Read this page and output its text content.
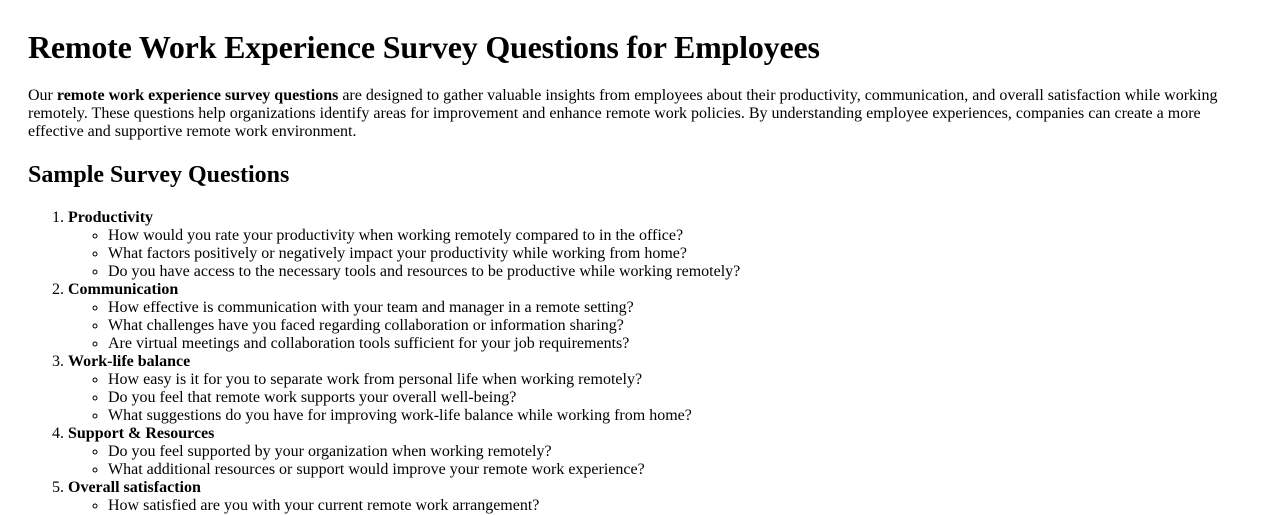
Remote Work Experience Survey Questions for Employees

Our remote work experience survey questions are designed to gather valuable insights from employees about their productivity, communication, and overall satisfaction while working remotely. These questions help organizations identify areas for improvement and enhance remote work policies. By understanding employee experiences, companies can create a more effective and supportive remote work environment.

Sample Survey Questions
1. Productivity
◦ How would you rate your productivity when working remotely compared to in the office?
◦ What factors positively or negatively impact your productivity while working from home?
◦ Do you have access to the necessary tools and resources to be productive while working remotely?
2. Communication
◦ How effective is communication with your team and manager in a remote setting?
◦ What challenges have you faced regarding collaboration or information sharing?
◦ Are virtual meetings and collaboration tools sufficient for your job requirements?
3. Work-life balance
◦ How easy is it for you to separate work from personal life when working remotely?
◦ Do you feel that remote work supports your overall well-being?
◦ What suggestions do you have for improving work-life balance while working from home?
4. Support & Resources
◦ Do you feel supported by your organization when working remotely?
◦ What additional resources or support would improve your remote work experience?
5. Overall satisfaction
◦ How satisfied are you with your current remote work arrangement?
